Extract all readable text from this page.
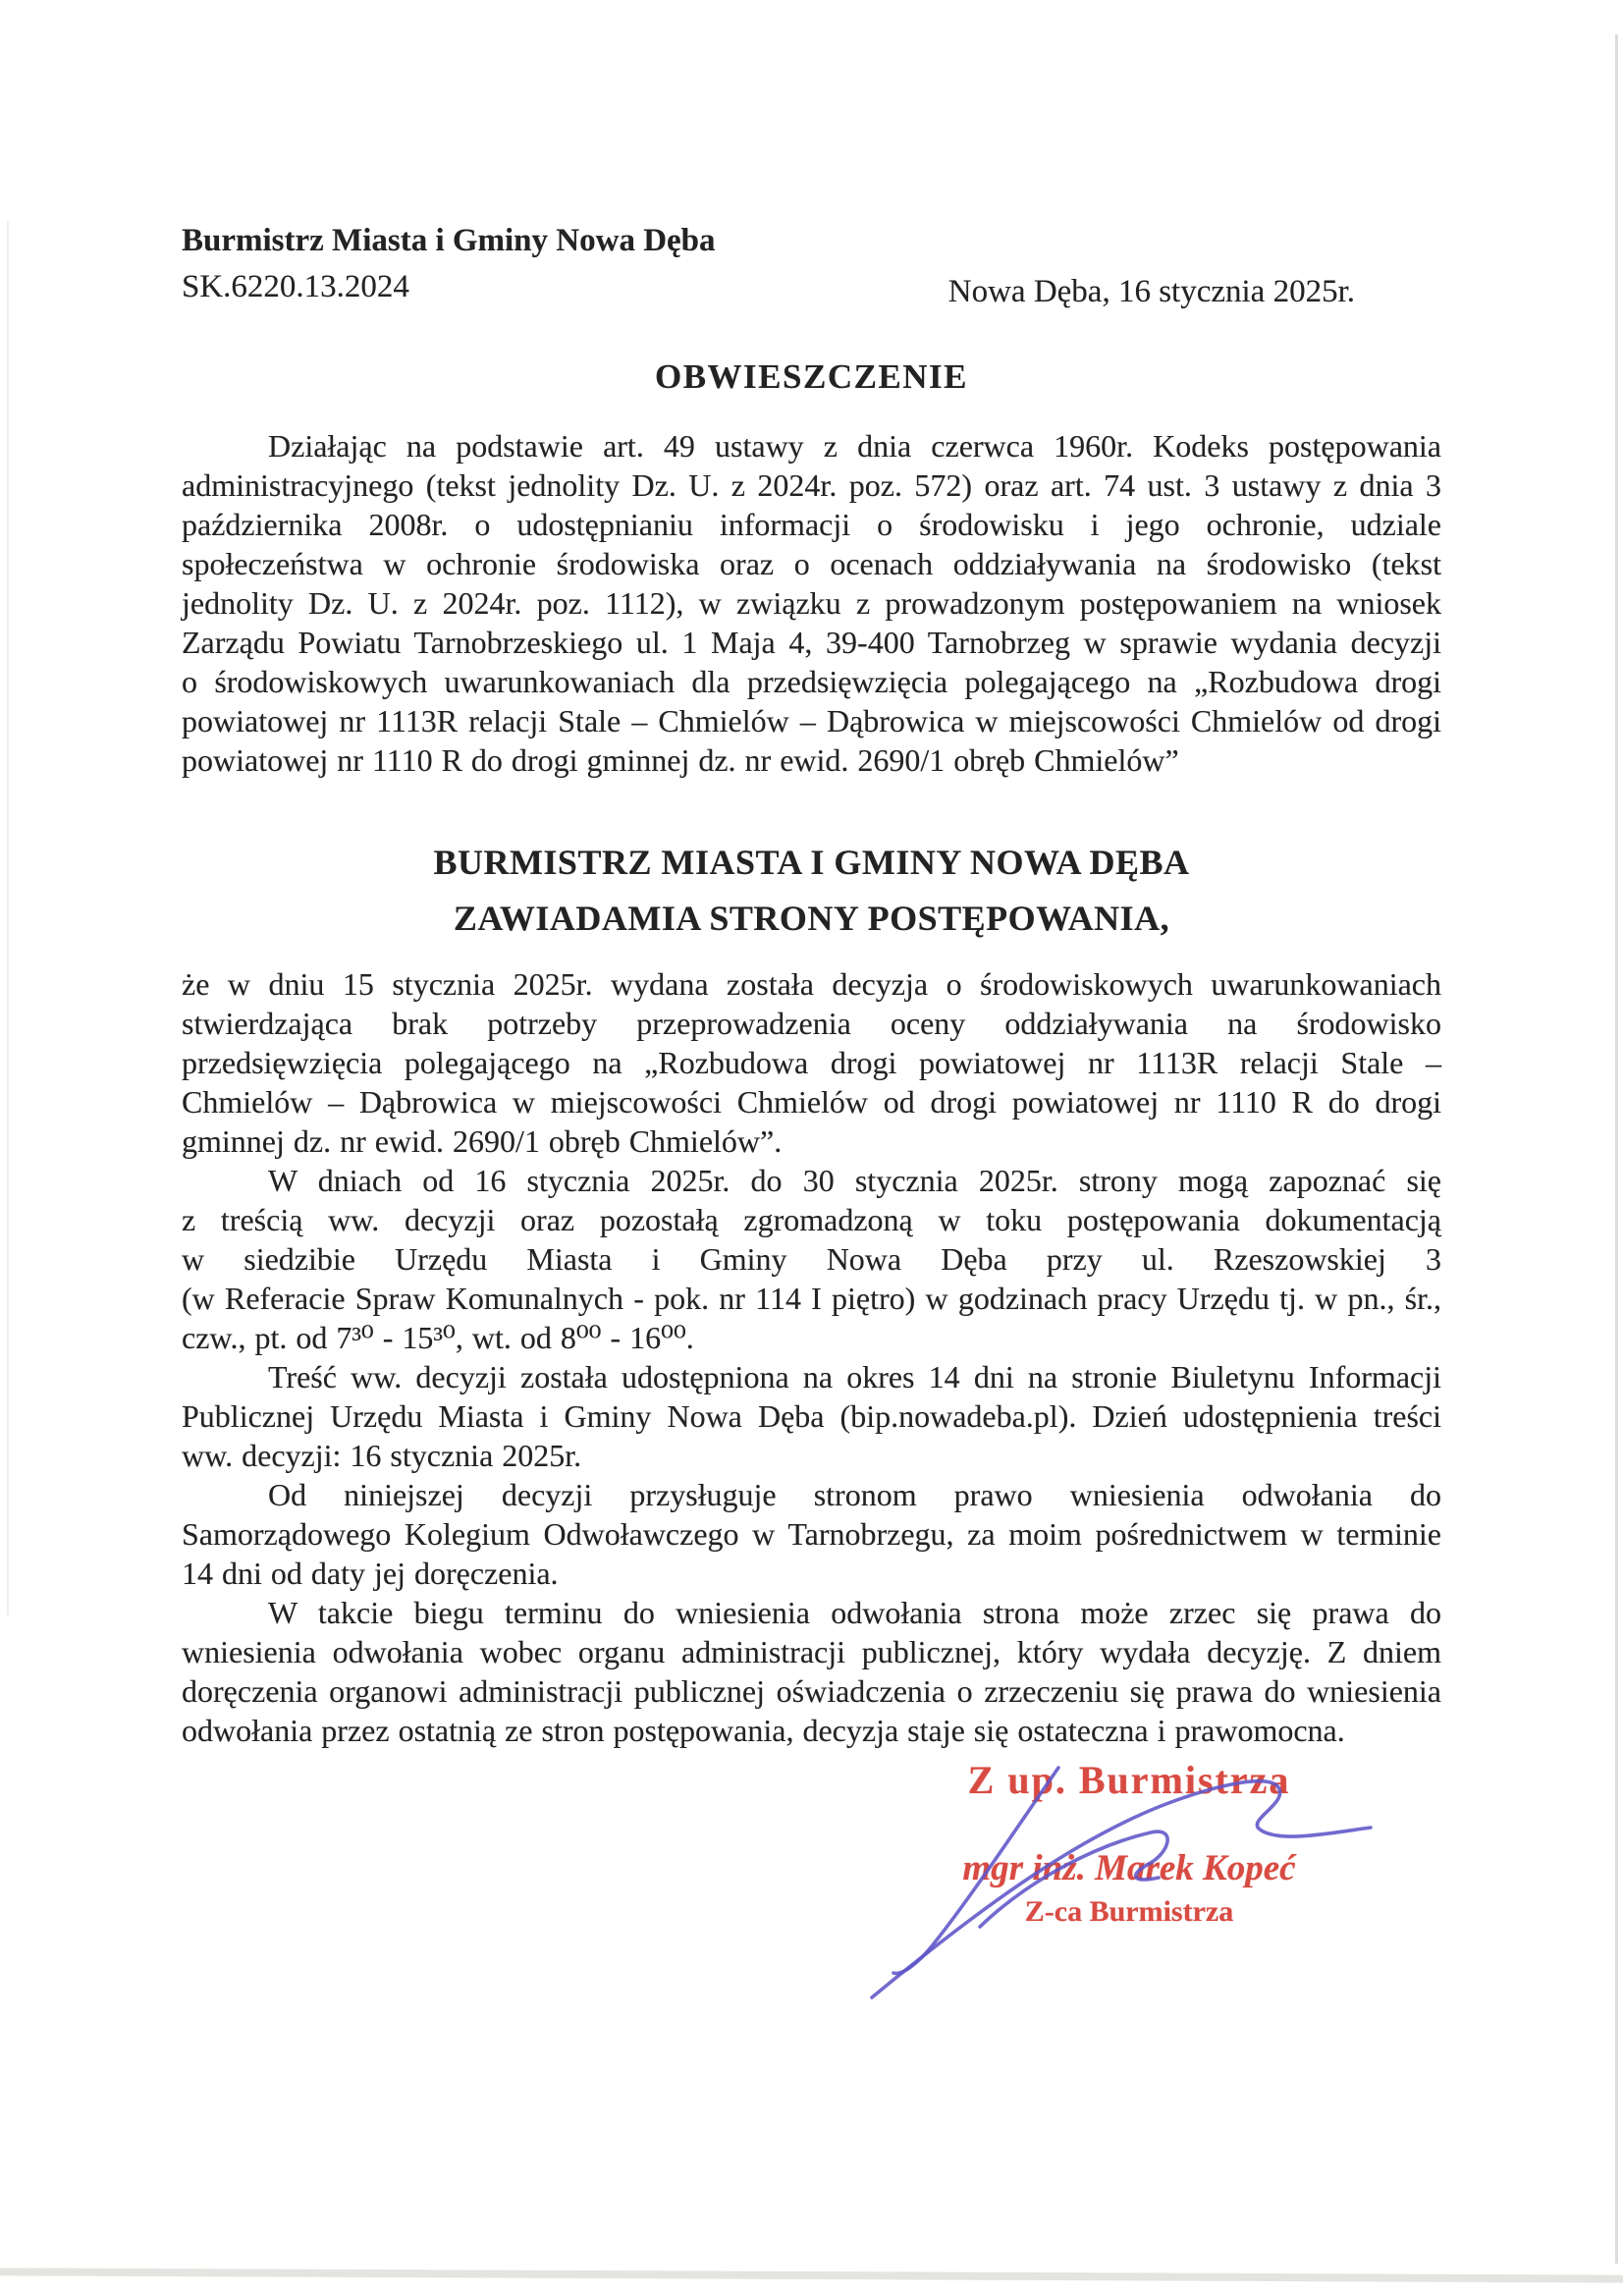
Burmistrz Miasta i Gminy Nowa Dęba
SK.6220.13.2024	Nowa Dęba, 16 stycznia 2025r.
OBWIESZCZENIE
Działając na podstawie art. 49 ustawy z dnia czerwca 1960r. Kodeks postępowania
administracyjnego (tekst jednolity Dz. U. z 2024r. poz. 572) oraz art. 74 ust. 3 ustawy z dnia 3
października 2008r. o udostępnianiu informacji o środowisku i jego ochronie, udziale
społeczeństwa w ochronie środowiska oraz o ocenach oddziaływania na środowisko (tekst
jednolity Dz. U. z 2024r. poz. 1112), w związku z prowadzonym postępowaniem na wniosek
Zarządu Powiatu Tarnobrzeskiego ul. 1 Maja 4, 39-400 Tarnobrzeg w sprawie wydania decyzji
o środowiskowych uwarunkowaniach dla przedsięwzięcia polegającego na „Rozbudowa drogi
powiatowej nr 1113R relacji Stale – Chmielów – Dąbrowica w miejscowości Chmielów od drogi
powiatowej nr 1110 R do drogi gminnej dz. nr ewid. 2690/1 obręb Chmielów”
BURMISTRZ MIASTA I GMINY NOWA DĘBA
ZAWIADAMIA STRONY POSTĘPOWANIA,
że w dniu 15 stycznia 2025r. wydana została decyzja o środowiskowych uwarunkowaniach
stwierdzająca brak potrzeby przeprowadzenia oceny oddziaływania na środowisko
przedsięwzięcia polegającego na „Rozbudowa drogi powiatowej nr 1113R relacji Stale –
Chmielów – Dąbrowica w miejscowości Chmielów od drogi powiatowej nr 1110 R do drogi
gminnej dz. nr ewid. 2690/1 obręb Chmielów”.
W dniach od 16 stycznia 2025r. do 30 stycznia 2025r. strony mogą zapoznać się
z treścią ww. decyzji oraz pozostałą zgromadzoną w toku postępowania dokumentacją
w siedzibie Urzędu Miasta i Gminy Nowa Dęba przy ul. Rzeszowskiej 3
(w Referacie Spraw Komunalnych - pok. nr 114 I piętro) w godzinach pracy Urzędu tj. w pn., śr.,
czw., pt. od 7³⁰ - 15³⁰, wt. od 8⁰⁰ - 16⁰⁰.
Treść ww. decyzji została udostępniona na okres 14 dni na stronie Biuletynu Informacji
Publicznej Urzędu Miasta i Gminy Nowa Dęba (bip.nowadeba.pl). Dzień udostępnienia treści
ww. decyzji: 16 stycznia 2025r.
Od niniejszej decyzji przysługuje stronom prawo wniesienia odwołania do
Samorządowego Kolegium Odwoławczego w Tarnobrzegu, za moim pośrednictwem w terminie
14 dni od daty jej doręczenia.
W takcie biegu terminu do wniesienia odwołania strona może zrzec się prawa do
wniesienia odwołania wobec organu administracji publicznej, który wydała decyzję. Z dniem
doręczenia organowi administracji publicznej oświadczenia o zrzeczeniu się prawa do wniesienia
odwołania przez ostatnią ze stron postępowania, decyzja staje się ostateczna i prawomocna.
Z up. Burmistrza
mgr inż. Marek Kopeć
Z-ca Burmistrza
